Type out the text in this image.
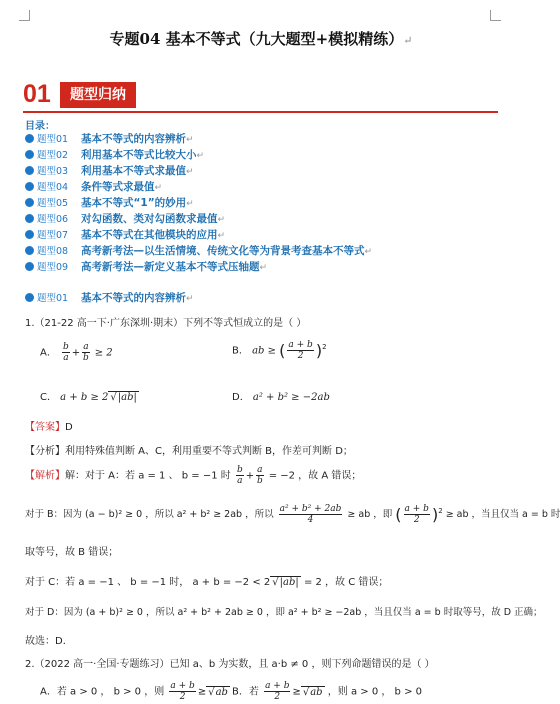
专题04 基本不等式（九大题型+模拟精练）↵
01	题型归纳
目录：
题型01 基本不等式的内容辨析↵
题型02 利用基本不等式比较大小↵
题型03 利用基本不等式求最值↵
题型04 条件等式求最值↵
题型05 基本不等式“1”的妙用↵
题型06 对勾函数、类对勾函数求最值↵
题型07 基本不等式在其他模块的应用↵
题型08 高考新考法—以生活情境、传统文化等为背景考查基本不等式↵
题型09 高考新考法—新定义基本不等式压轴题↵
题型01 基本不等式的内容辨析↵
1.（21-22 高一下·广东深圳·期末）下列不等式恒成立的是（ ）
A． $\frac{b}{a} + \frac{a}{b} \ge 2$	B． ab ≥ ( $\frac{a + b}{2} )^2$
C． a + b ≥ 2 √ |ab|	D． a² + b² ≥ −2ab
【答案】D
【分析】利用特殊值判断 A、C，利用重要不等式判断 B，作差可判断 D；
【解析】解：对于 A：若 a = 1 、 b = −1 时 $\frac{b}{a} + \frac{a}{b} = -2$ ，故 A 错误；
对于 B：因为 (a − b)² ≥ 0 ，所以 a² + b² ≥ 2ab ，所以 $\frac{\text{a² + b² + 2ab}}{4}$ ≥ ab ，即 ( $\frac{a + b}{2} )^2$ ≥ ab ，当且仅当 a = b 时
取等号，故 B 错误；
对于 C：若 a = −1 、 b = −1 时， a + b = −2 < 2 √ |ab| = 2 ，故 C 错误；
对于 D：因为 (a + b)² ≥ 0 ，所以 a² + b² + 2ab ≥ 0 ，即 a² + b² ≥ −2ab ，当且仅当 a = b 时取等号，故 D 正确；
故选：D．
2.（2022 高一·全国·专题练习）已知 a、b 为实数，且 a·b ≠ 0 ，则下列命题错误的是（ ）
A．若 a > 0 ， b > 0 ，则 $\frac{a + b}{2}$ ≥ √ ab B．若 $\frac{a + b}{2}$ ≥ √ ab ，则 a > 0 ， b > 0
